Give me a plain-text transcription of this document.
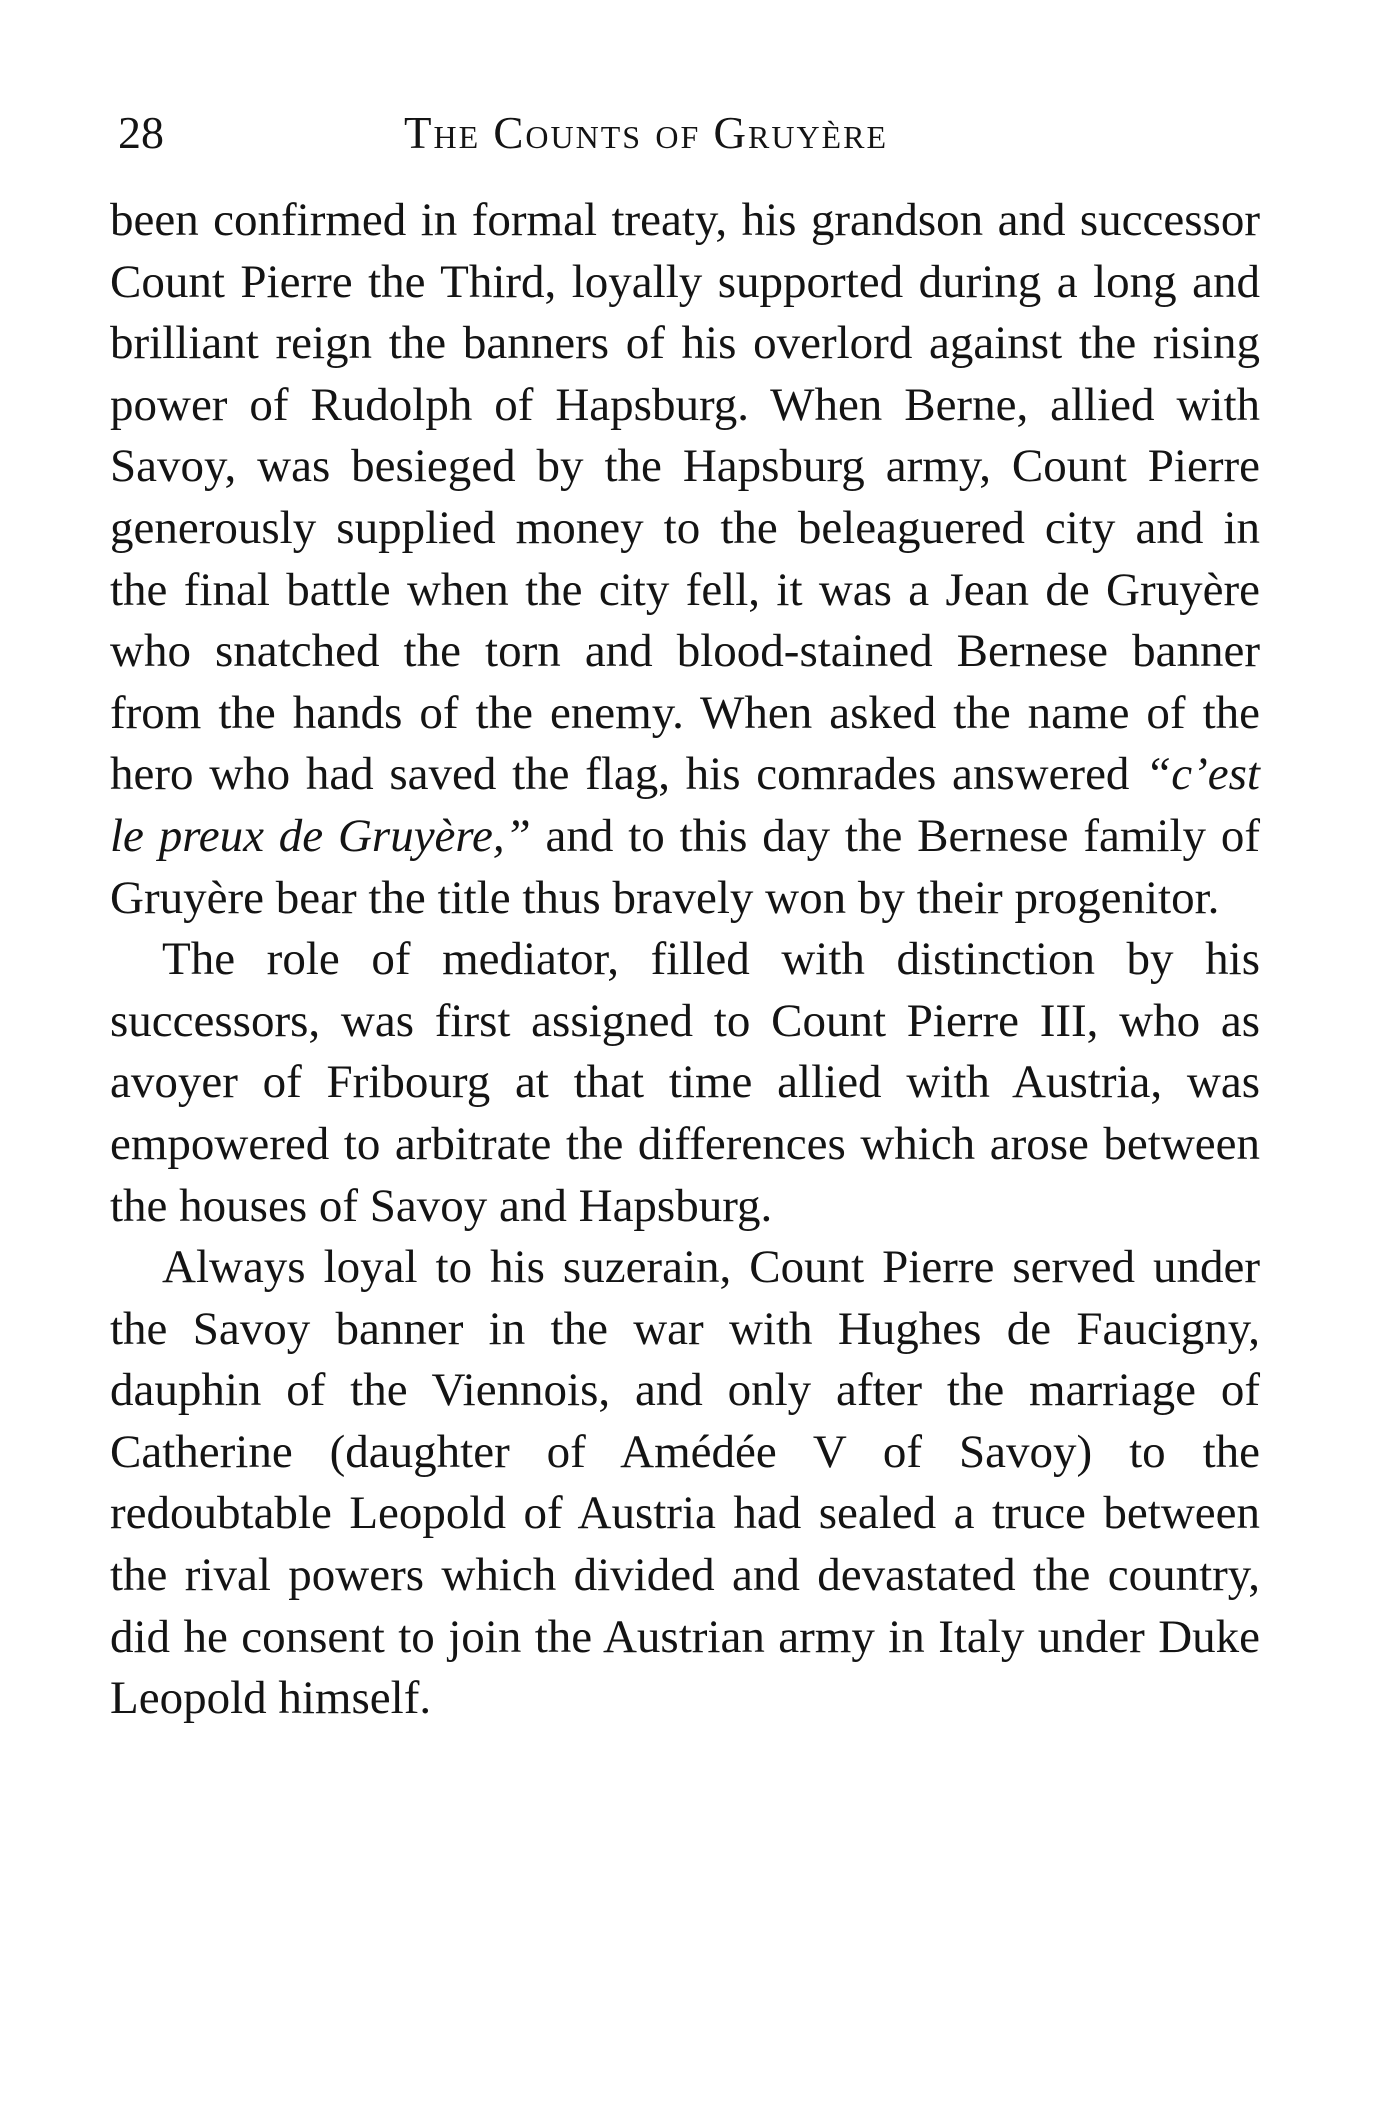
28	The Counts of Gruyère

been confirmed in formal treaty, his grandson and successor Count Pierre the Third, loyally supported during a long and brilliant reign the banners of his overlord against the rising power of Rudolph of Hapsburg. When Berne, allied with Savoy, was besieged by the Hapsburg army, Count Pierre generously supplied money to the beleaguered city and in the final battle when the city fell, it was a Jean de Gruyère who snatched the torn and blood-stained Bernese banner from the hands of the enemy. When asked the name of the hero who had saved the flag, his comrades answered “c’est le preux de Gruyère,” and to this day the Bernese family of Gruyère bear the title thus bravely won by their progenitor.

The role of mediator, filled with distinction by his successors, was first assigned to Count Pierre III, who as avoyer of Fribourg at that time allied with Austria, was empowered to arbitrate the differences which arose between the houses of Savoy and Hapsburg.

Always loyal to his suzerain, Count Pierre served under the Savoy banner in the war with Hughes de Faucigny, dauphin of the Viennois, and only after the marriage of Catherine (daughter of Amédée V of Savoy) to the redoubtable Leopold of Austria had sealed a truce between the rival powers which divided and devastated the country, did he consent to join the Austrian army in Italy under Duke Leopold himself.
